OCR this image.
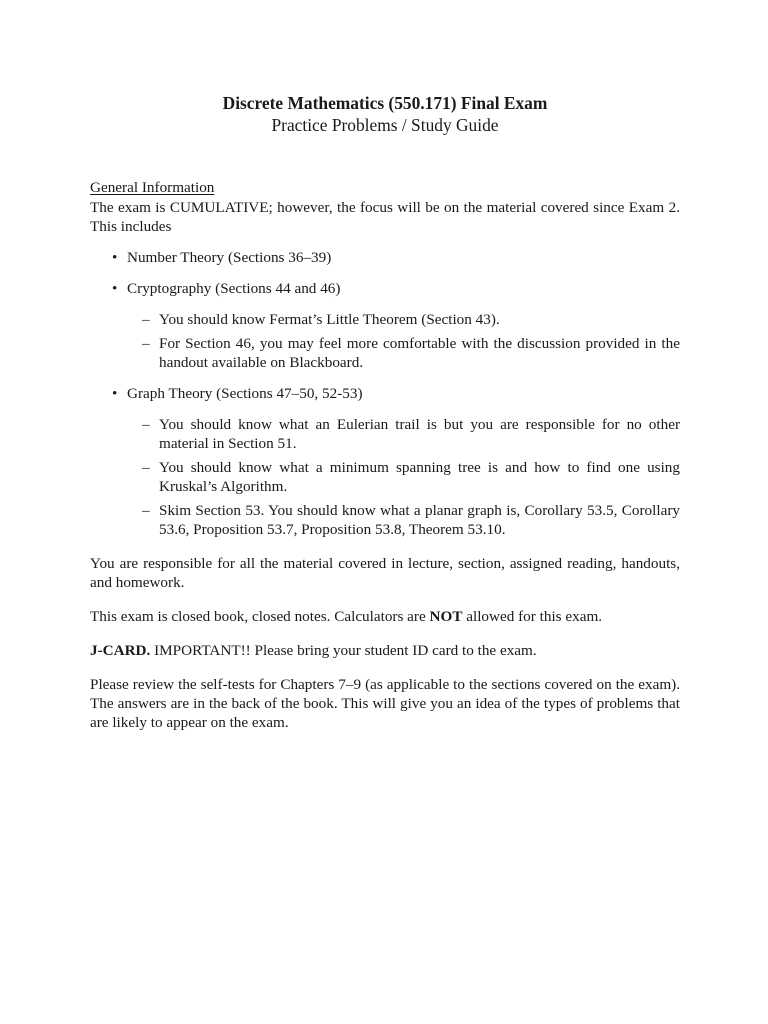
Discrete Mathematics (550.171) Final Exam
Practice Problems / Study Guide
General Information

The exam is CUMULATIVE; however, the focus will be on the material covered since Exam 2. This includes

• Number Theory (Sections 36–39)
• Cryptography (Sections 44 and 46)
– You should know Fermat’s Little Theorem (Section 43).
– For Section 46, you may feel more comfortable with the discussion provided in the handout available on Blackboard.
• Graph Theory (Sections 47–50, 52-53)
– You should know what an Eulerian trail is but you are responsible for no other material in Section 51.
– You should know what a minimum spanning tree is and how to find one using Kruskal’s Algorithm.
– Skim Section 53. You should know what a planar graph is, Corollary 53.5, Corollary 53.6, Proposition 53.7, Proposition 53.8, Theorem 53.10.

You are responsible for all the material covered in lecture, section, assigned reading, handouts, and homework.

This exam is closed book, closed notes. Calculators are NOT allowed for this exam.

J-CARD. IMPORTANT!! Please bring your student ID card to the exam.

Please review the self-tests for Chapters 7–9 (as applicable to the sections covered on the exam). The answers are in the back of the book. This will give you an idea of the types of problems that are likely to appear on the exam.
